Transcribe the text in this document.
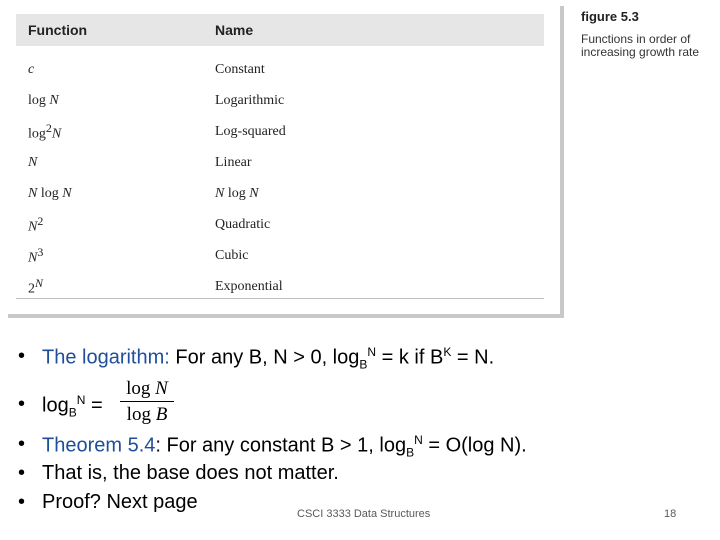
Function	Name
c	Constant
log N	Logarithmic
$\log^2N$	Log-squared
N	Linear
N log N	N log N
$N^2$	Quadratic
$N^3$	Cubic
$2^N$	Exponential
figure 5.3
Functions in order of
increasing growth rate
• The logarithm: For any B, N > 0, $\log_B^N = k$ if $B^K = N$.
• $\log_B^N$ =
• Theorem 5.4: For any constant B > 1, $\log_B^N = O(\log$ N).
• That is, the base does not matter.
• Proof? Next page
log N
log B
CSCI 3333 Data Structures	18
